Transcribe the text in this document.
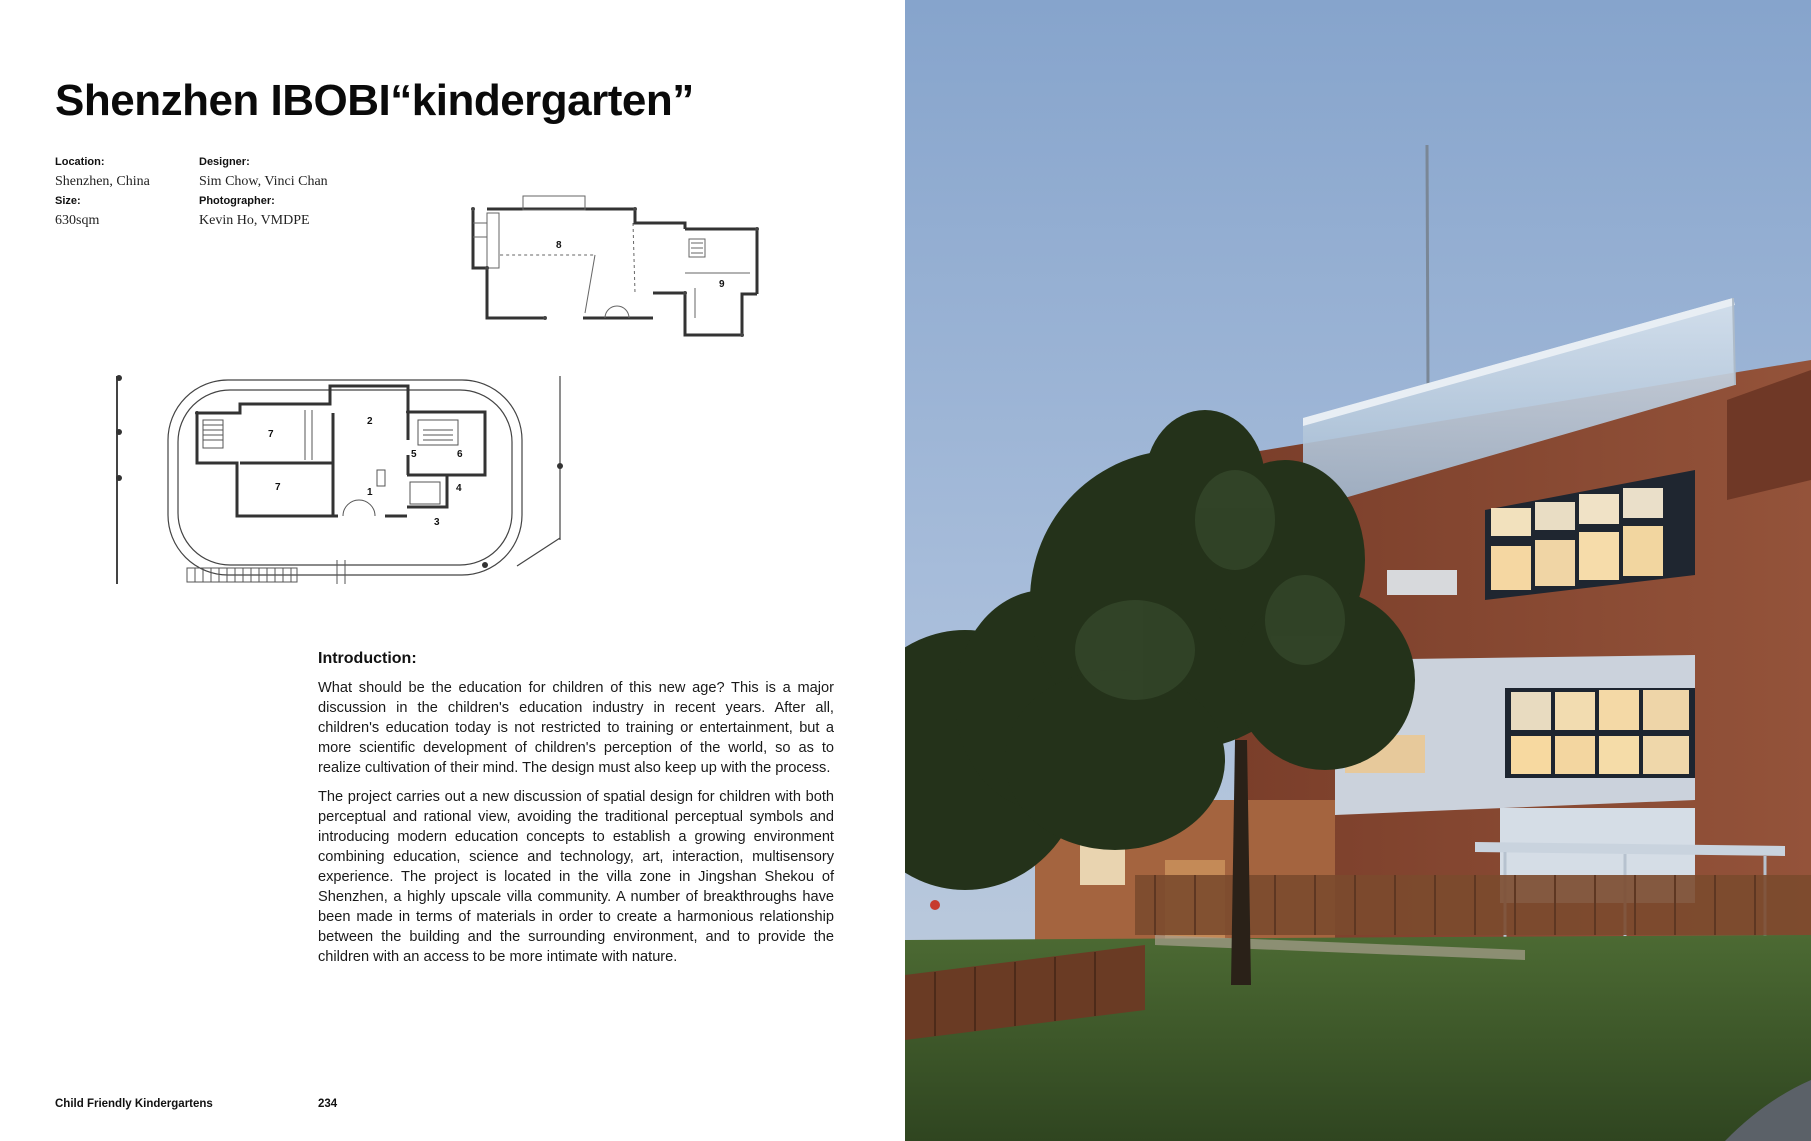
Shenzhen IBOBI“kindergarten”
Location:
Shenzhen, China
Size:
630sqm
Designer:
Sim Chow, Vinci Chan
Photographer:
Kevin Ho, VMDPE
8
9
7
2
5	6
7	1	4
3
Introduction:

What should be the education for children of this new age? This is a major discussion in the children's education industry in recent years. After all, children's education today is not restricted to training or entertainment, but a more scientific development of children's perception of the world, so as to realize cultivation of their mind. The design must also keep up with the process.

The project carries out a new discussion of spatial design for children with both perceptual and rational view, avoiding the traditional perceptual symbols and introducing modern education concepts to establish a growing environment combining education, science and technology, art, interaction, multisensory experience. The project is located in the villa zone in Jingshan Shekou of Shenzhen, a highly upscale villa community. A number of breakthroughs have been made in terms of materials in order to create a harmonious relationship between the building and the surrounding environment, and to provide the children with an access to be more intimate with nature.

Child Friendly Kindergartens	234
